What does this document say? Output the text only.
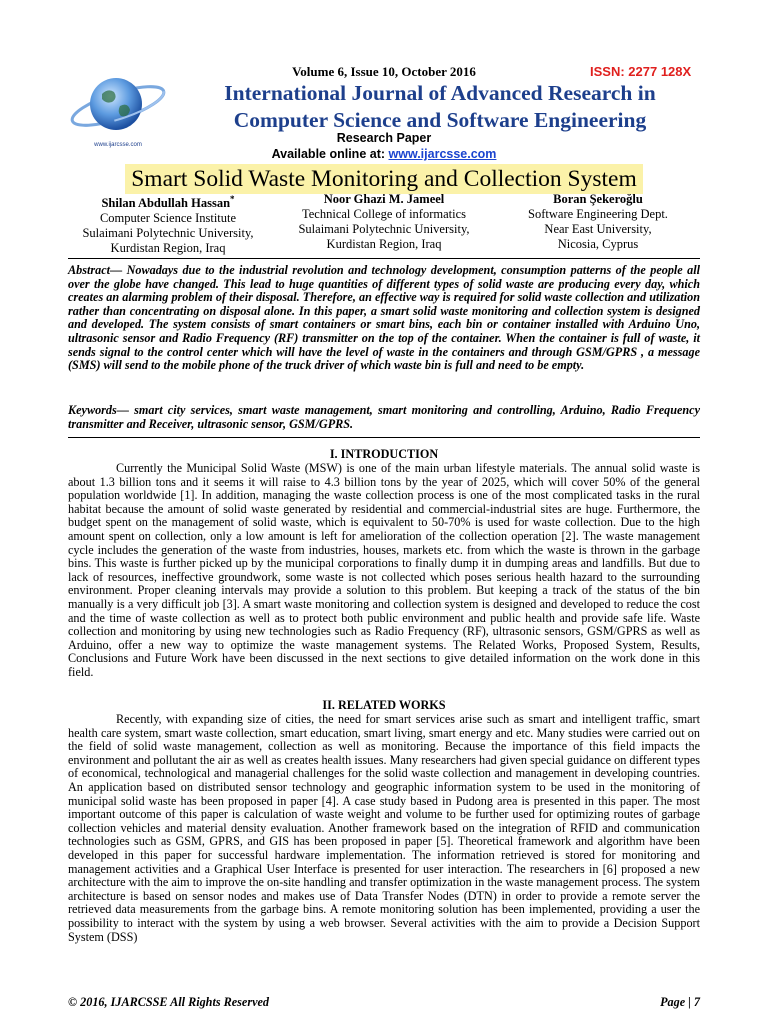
www.ijarcsse.com
Volume 6, Issue 10, October 2016	ISSN: 2277 128X
International Journal of Advanced Research in Computer Science and Software Engineering
Research Paper
Available online at: www.ijarcsse.com
Smart Solid Waste Monitoring and Collection System
Shilan Abdullah Hassan*
Computer Science Institute
Sulaimani Polytechnic University,
Kurdistan Region, Iraq
Noor Ghazi M. Jameel
Technical College of informatics
Sulaimani Polytechnic University,
Kurdistan Region, Iraq
Boran Şekeroğlu
Software Engineering Dept.
Near East University,
Nicosia, Cyprus
Abstract— Nowadays due to the industrial revolution and technology development, consumption patterns of the people all over the globe have changed. This lead to huge quantities of different types of solid waste are producing every day, which creates an alarming problem of their disposal. Therefore, an effective way is required for solid waste collection and utilization rather than concentrating on disposal alone. In this paper, a smart solid waste monitoring and collection system is designed and developed. The system consists of smart containers or smart bins, each bin or container installed with Arduino Uno, ultrasonic sensor and Radio Frequency (RF) transmitter on the top of the container. When the container is full of waste, it sends signal to the control center which will have the level of waste in the containers and through GSM/GPRS , a message (SMS) will send to the mobile phone of the truck driver of which waste bin is full and need to be empty.
Keywords— smart city services, smart waste management, smart monitoring and controlling, Arduino, Radio Frequency transmitter and Receiver, ultrasonic sensor, GSM/GPRS.
I. INTRODUCTION
Currently the Municipal Solid Waste (MSW) is one of the main urban lifestyle materials. The annual solid waste is about 1.3 billion tons and it seems it will raise to 4.3 billion tons by the year of 2025, which will cover 50% of the general population worldwide [1]. In addition, managing the waste collection process is one of the most complicated tasks in the rural habitat because the amount of solid waste generated by residential and commercial-industrial sites are huge. Furthermore, the budget spent on the management of solid waste, which is equivalent to 50-70% is used for waste collection. Due to the high amount spent on collection, only a low amount is left for amelioration of the collection operation [2]. The waste management cycle includes the generation of the waste from industries, houses, markets etc. from which the waste is thrown in the garbage bins. This waste is further picked up by the municipal corporations to finally dump it in dumping areas and landfills. But due to lack of resources, ineffective groundwork, some waste is not collected which poses serious health hazard to the surrounding environment. Proper cleaning intervals may provide a solution to this problem. But keeping a track of the status of the bin manually is a very difficult job [3]. A smart waste monitoring and collection system is designed and developed to reduce the cost and the time of waste collection as well as to protect both public environment and public health and provide safe life. Waste collection and monitoring by using new technologies such as Radio Frequency (RF), ultrasonic sensors, GSM/GPRS as well as Arduino, offer a new way to optimize the waste management systems. The Related Works, Proposed System, Results, Conclusions and Future Work have been discussed in the next sections to give detailed information on the work done in this field.
II. RELATED WORKS
Recently, with expanding size of cities, the need for smart services arise such as smart and intelligent traffic, smart health care system, smart waste collection, smart education, smart living, smart energy and etc. Many studies were carried out on the field of solid waste management, collection as well as monitoring. Because the importance of this field impacts the environment and pollutant the air as well as creates health issues. Many researchers had given special guidance on different types of economical, technological and managerial challenges for the solid waste collection and management in developing countries. An application based on distributed sensor technology and geographic information system to be used in the monitoring of municipal solid waste has been proposed in paper [4]. A case study based in Pudong area is presented in this paper. The most important outcome of this paper is calculation of waste weight and volume to be further used for optimizing routes of garbage collection vehicles and material density evaluation. Another framework based on the integration of RFID and communication technologies such as GSM, GPRS, and GIS has been proposed in paper [5]. Theoretical framework and algorithm have been developed in this paper for successful hardware implementation. The information retrieved is stored for monitoring and management activities and a Graphical User Interface is presented for user interaction. The researchers in [6] proposed a new architecture with the aim to improve the on-site handling and transfer optimization in the waste management process. The system architecture is based on sensor nodes and makes use of Data Transfer Nodes (DTN) in order to provide a remote server the retrieved data measurements from the garbage bins. A remote monitoring solution has been implemented, providing a user the possibility to interact with the system by using a web browser. Several activities with the aim to provide a Decision Support System (DSS)
© 2016, IJARCSSE All Rights Reserved	Page | 7
